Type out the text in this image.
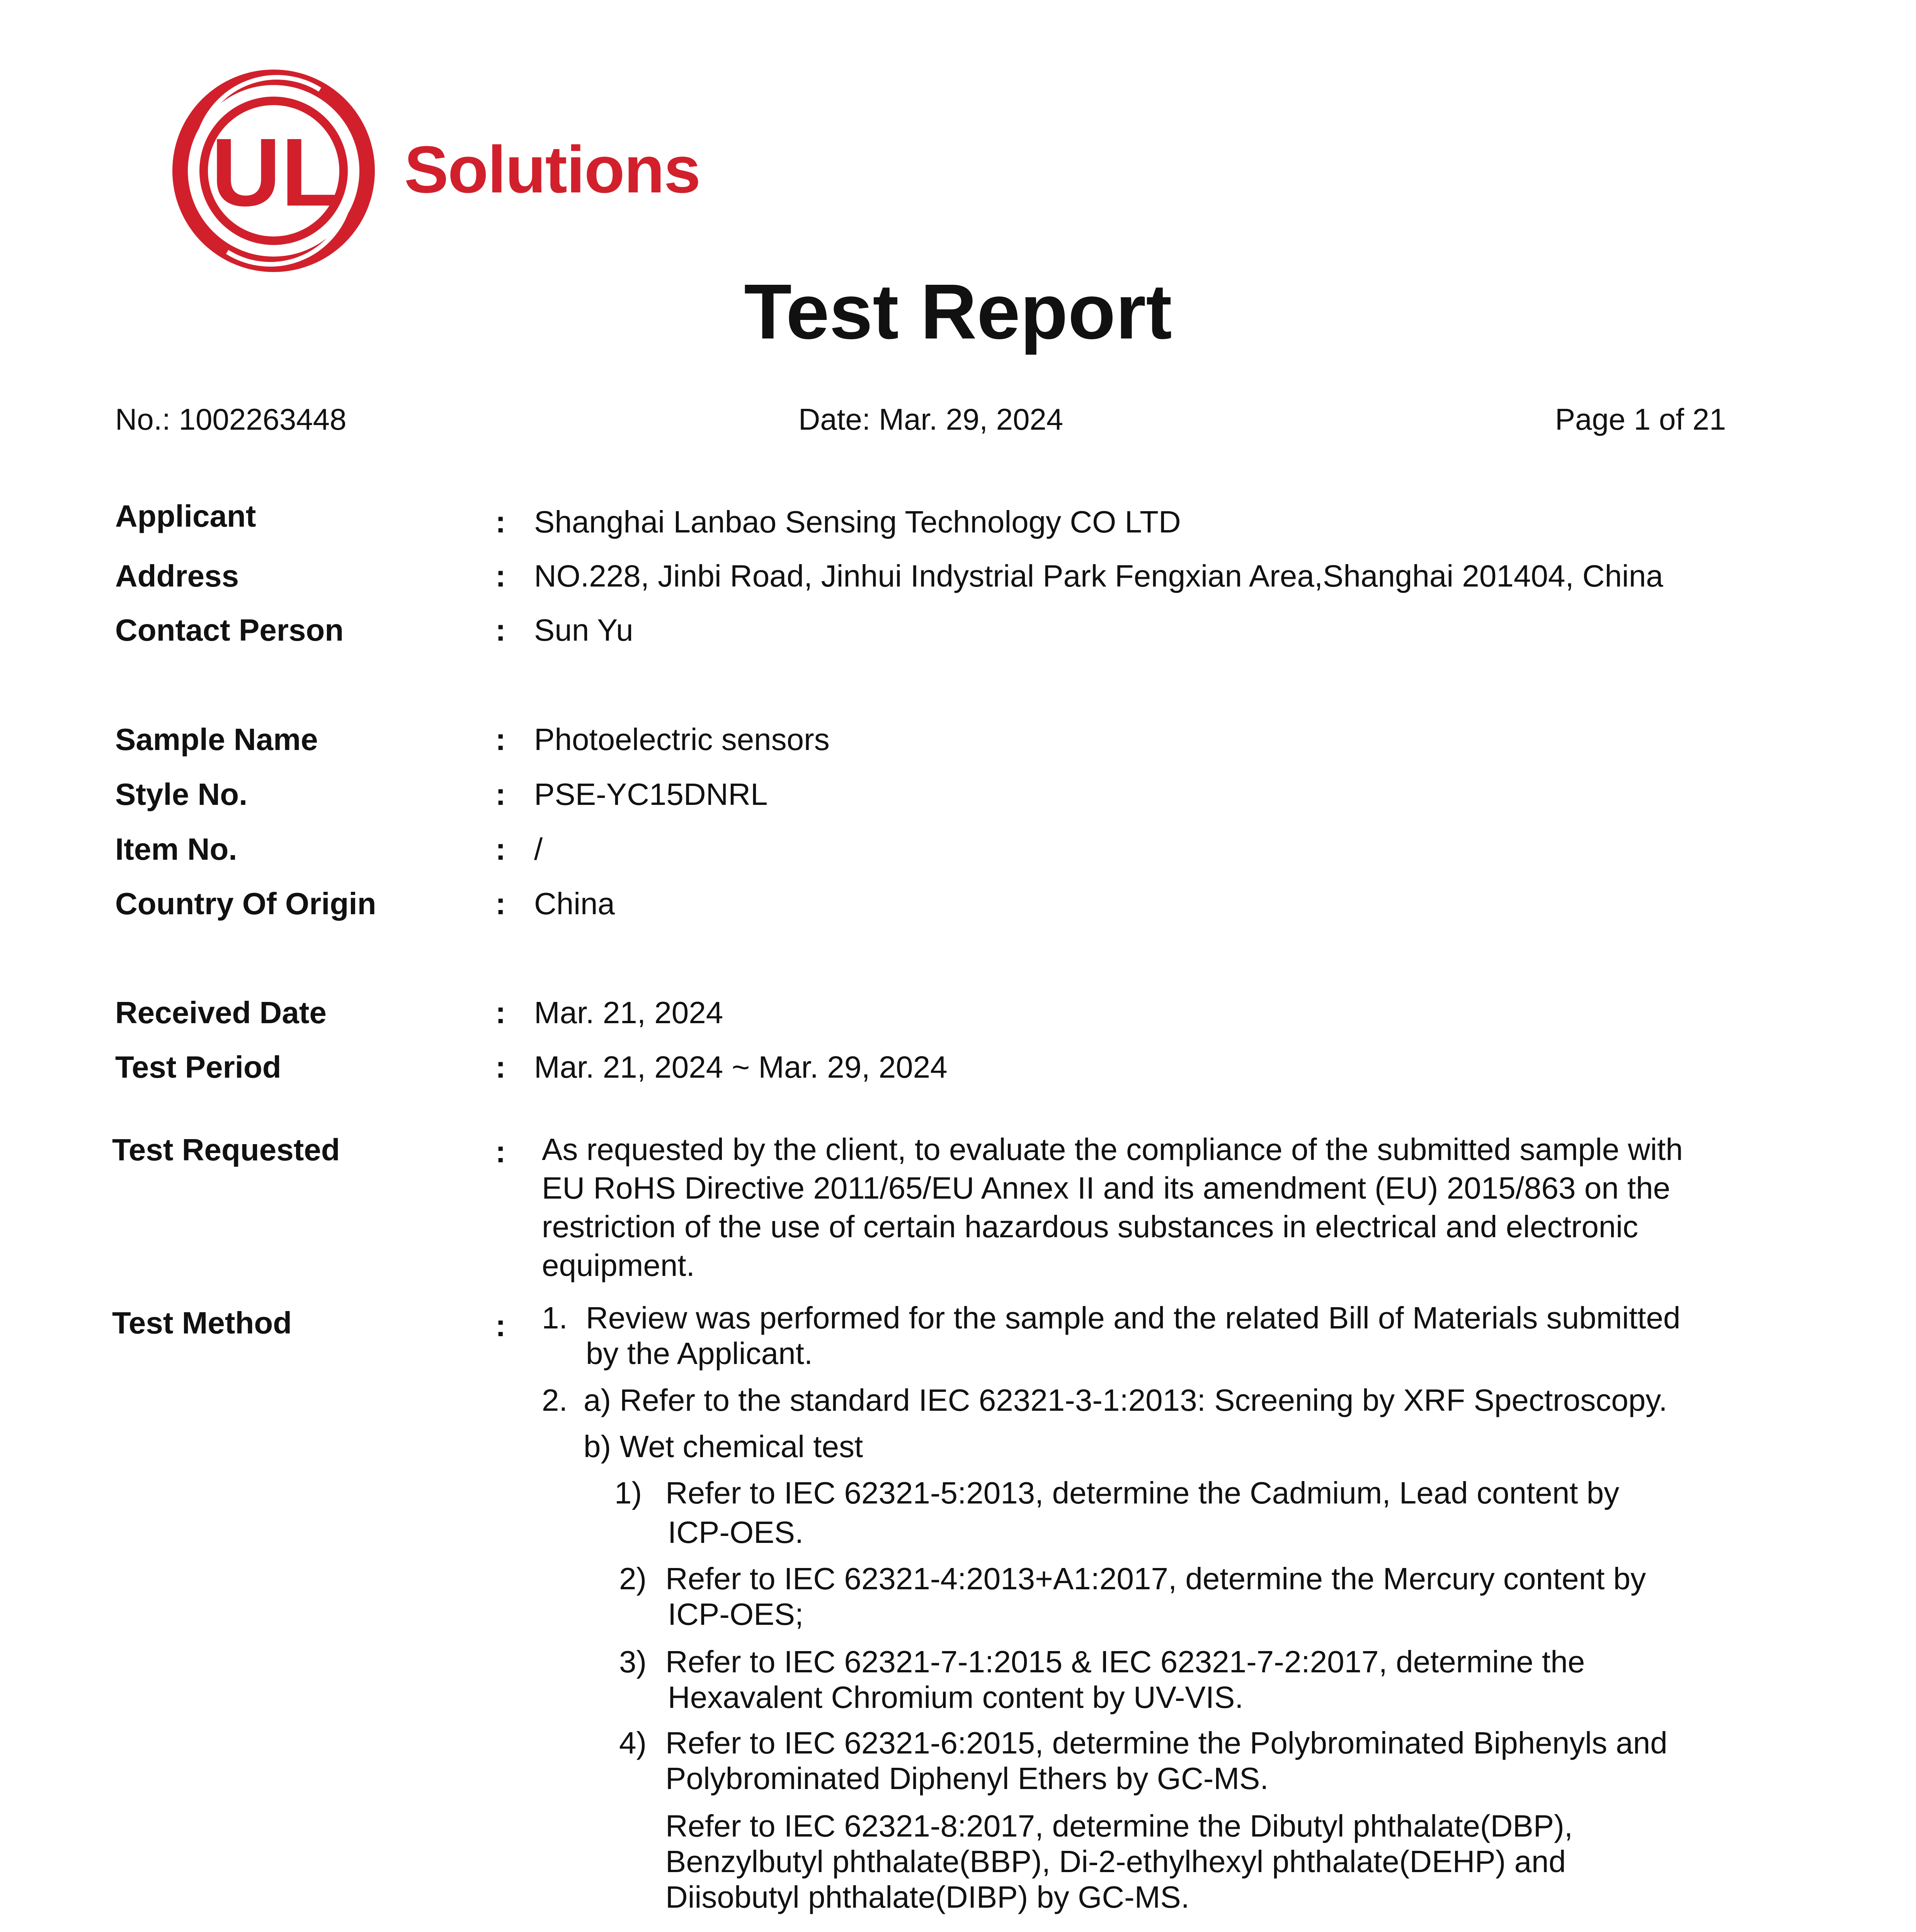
UL Solutions
Test Report
No.: 1002263448	Date: Mar. 29, 2024	Page 1 of 21
Applicant	: Shanghai Lanbao Sensing Technology CO LTD
Address	: NO.228, Jinbi Road, Jinhui Indystrial Park Fengxian Area,Shanghai 201404, China
Contact Person	: Sun Yu
Sample Name	: Photoelectric sensors
Style No.	: PSE-YC15DNRL
Item No.	: /
Country Of Origin	: China
Received Date	: Mar. 21, 2024
Test Period	: Mar. 21, 2024 ~ Mar. 29, 2024
Test Requested	: As requested by the client, to evaluate the compliance of the submitted sample with
EU RoHS Directive 2011/65/EU Annex II and its amendment (EU) 2015/863 on the
restriction of the use of certain hazardous substances in electrical and electronic
equipment.
Test Method	: 1. Review was performed for the sample and the related Bill of Materials submitted
by the Applicant.
2. a) Refer to the standard IEC 62321-3-1:2013: Screening by XRF Spectroscopy.
b) Wet chemical test
1) Refer to IEC 62321-5:2013, determine the Cadmium, Lead content by
ICP-OES.
2) Refer to IEC 62321-4:2013+A1:2017, determine the Mercury content by
ICP-OES;
3) Refer to IEC 62321-7-1:2015 & IEC 62321-7-2:2017, determine the
Hexavalent Chromium content by UV-VIS.
4) Refer to IEC 62321-6:2015, determine the Polybrominated Biphenyls and
Polybrominated Diphenyl Ethers by GC-MS.
Refer to IEC 62321-8:2017, determine the Dibutyl phthalate(DBP),
Benzylbutyl phthalate(BBP), Di-2-ethylhexyl phthalate(DEHP) and
Diisobutyl phthalate(DIBP) by GC-MS.
